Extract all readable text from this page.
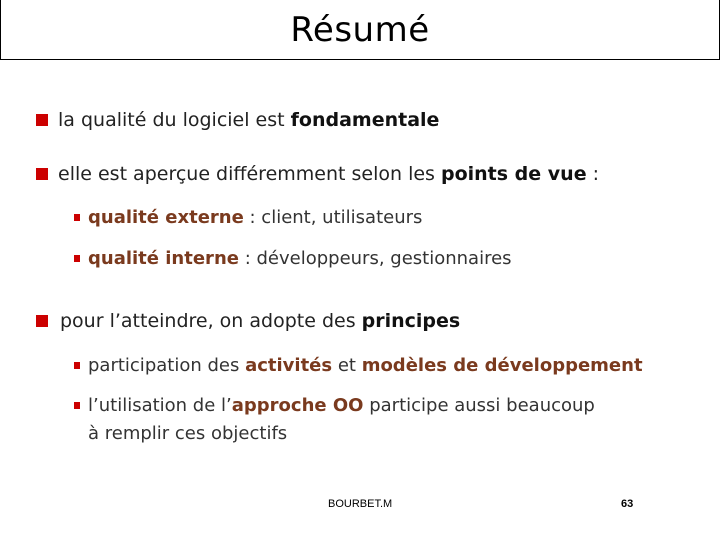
Résumé
la qualité du logiciel est fondamentale
elle est aperçue différemment selon les points de vue :
qualité externe : client, utilisateurs
qualité interne : développeurs, gestionnaires
pour l’atteindre, on adopte des principes
participation des activités et modèles de développement
l’utilisation de l’approche OO participe aussi beaucoup
à remplir ces objectifs
BOURBET.M	63
